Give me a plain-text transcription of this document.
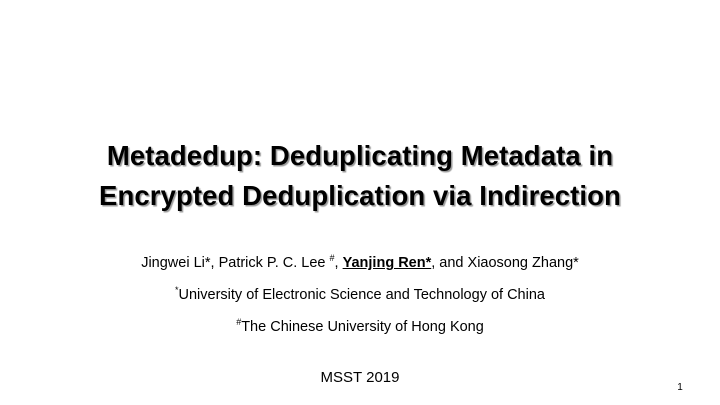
Metadedup: Deduplicating Metadata in
Encrypted Deduplication via Indirection
Jingwei Li*, Patrick P. C. Lee #, Yanjing Ren*, and Xiaosong Zhang*
*University of Electronic Science and Technology of China
#The Chinese University of Hong Kong
MSST 2019
1
